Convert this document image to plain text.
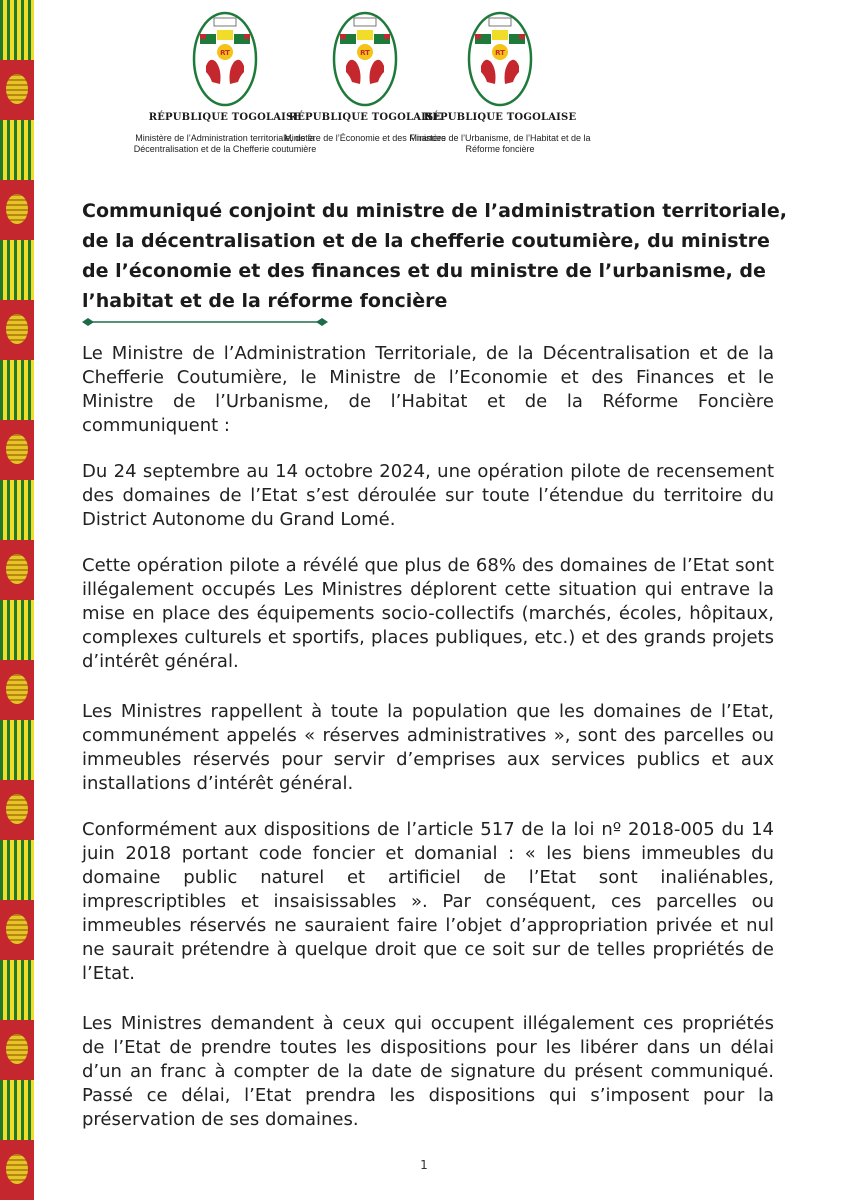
RT
RÉPUBLIQUE TOGOLAISE
Ministère de l’Administration territoriale, de la Décentralisation et de la Chefferie coutumière
RT
RÉPUBLIQUE TOGOLAISE
Ministère de l’Économie et des Finances
RT
RÉPUBLIQUE TOGOLAISE
Ministère de l’Urbanisme, de l’Habitat et de la Réforme foncière
Communiqué conjoint du ministre de l’administration territoriale, de la décentralisation et de la chefferie coutumière, du ministre de l’économie et des finances et du ministre de l’urbanisme, de l’habitat et de la réforme foncière

Le Ministre de l’Administration Territoriale, de la Décentralisation et de la Chefferie Coutumière, le Ministre de l’Economie et des Finances et le Ministre de l’Urbanisme, de l’Habitat et de la Réforme Foncière communiquent :

Du 24 septembre au 14 octobre 2024, une opération pilote de recensement des domaines de l’Etat s’est déroulée sur toute l’étendue du territoire du District Autonome du Grand Lomé.

Cette opération pilote a révélé que plus de 68% des domaines de l’Etat sont illégalement occupés Les Ministres déplorent cette situation qui entrave la mise en place des équipements socio-collectifs (marchés, écoles, hôpitaux, complexes culturels et sportifs, places publiques, etc.) et des grands projets d’intérêt général.

Les Ministres rappellent à toute la population que les domaines de l’Etat, communément appelés « réserves administratives », sont des parcelles ou immeubles réservés pour servir d’emprises aux services publics et aux installations d’intérêt général.

Conformément aux dispositions de l’article 517 de la loi nº 2018-005 du 14 juin 2018 portant code foncier et domanial : « les biens immeubles du domaine public naturel et artificiel de l’Etat sont inaliénables, imprescriptibles et insaisissables ». Par conséquent, ces parcelles ou immeubles réservés ne sauraient faire l’objet d’appropriation privée et nul ne saurait prétendre à quelque droit que ce soit sur de telles propriétés de l’Etat.

Les Ministres demandent à ceux qui occupent illégalement ces propriétés de l’Etat de prendre toutes les dispositions pour les libérer dans un délai d’un an franc à compter de la date de signature du présent communiqué. Passé ce délai, l’Etat prendra les dispositions qui s’imposent pour la préservation de ses domaines.

1
